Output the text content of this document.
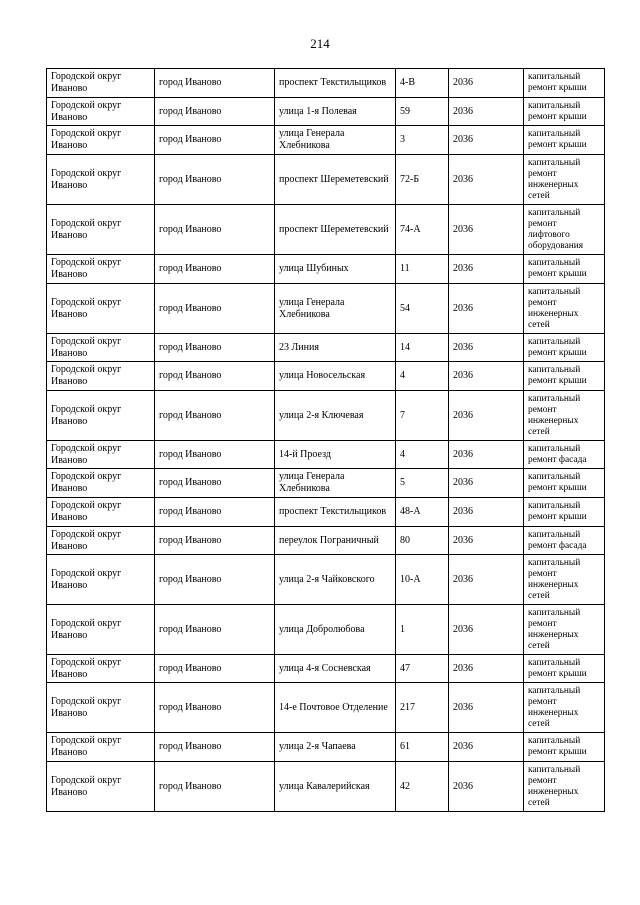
214
Городской округ Иваново	город Иваново	проспект Текстильщиков	4-В	2036	капитальный ремонт крыши
Городской округ Иваново	город Иваново	улица 1-я Полевая	59	2036	капитальный ремонт крыши
Городской округ Иваново	город Иваново	улица Генерала Хлебникова	3	2036	капитальный ремонт крыши
Городской округ Иваново	город Иваново	проспект Шереметевский	72-Б	2036	капитальный ремонт инженерных сетей
Городской округ Иваново	город Иваново	проспект Шереметевский	74-А	2036	капитальный ремонт лифтового оборудования
Городской округ Иваново	город Иваново	улица Шубиных	11	2036	капитальный ремонт крыши
Городской округ Иваново	город Иваново	улица Генерала Хлебникова	54	2036	капитальный ремонт инженерных сетей
Городской округ Иваново	город Иваново	23 Линия	14	2036	капитальный ремонт крыши
Городской округ Иваново	город Иваново	улица Новосельская	4	2036	капитальный ремонт крыши
Городской округ Иваново	город Иваново	улица 2-я Ключевая	7	2036	капитальный ремонт инженерных сетей
Городской округ Иваново	город Иваново	14-й Проезд	4	2036	капитальный ремонт фасада
Городской округ Иваново	город Иваново	улица Генерала Хлебникова	5	2036	капитальный ремонт крыши
Городской округ Иваново	город Иваново	проспект Текстильщиков	48-А	2036	капитальный ремонт крыши
Городской округ Иваново	город Иваново	переулок Пограничный	80	2036	капитальный ремонт фасада
Городской округ Иваново	город Иваново	улица 2-я Чайковского	10-А	2036	капитальный ремонт инженерных сетей
Городской округ Иваново	город Иваново	улица Добролюбова	1	2036	капитальный ремонт инженерных сетей
Городской округ Иваново	город Иваново	улица 4-я Сосневская	47	2036	капитальный ремонт крыши
Городской округ Иваново	город Иваново	14-е Почтовое Отделение	217	2036	капитальный ремонт инженерных сетей
Городской округ Иваново	город Иваново	улица 2-я Чапаева	61	2036	капитальный ремонт крыши
Городской округ Иваново	город Иваново	улица Кавалерийская	42	2036	капитальный ремонт инженерных сетей
